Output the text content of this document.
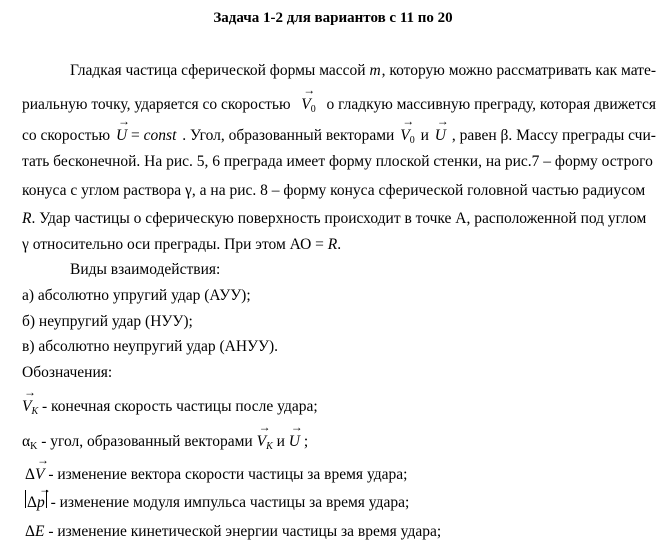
Задача 1-2 для вариантов с 11 по 20
Гладкая частица сферической формы массой m , которую можно рассматривать как мате-
риальную точку, ударяется со скоростью
→
$V_0$ о гладкую массивную преграду, которая движется
со скоростью
→
U = const . Угол, образованный векторами
→
$V_0$ и
→
U , равен β. Массу преграды счи-
тать бесконечной. На рис. 5, 6 преграда имеет форму плоской стенки, на рис.7 – форму острого
конуса с углом раствора γ, а на рис. 8 – форму конуса сферической головной частью радиусом
R. Удар частицы о сферическую поверхность происходит в точке А, расположенной под углом
γ относительно оси преграды. При этом АО = R.
Виды взаимодействия:
а) абсолютно упругий удар (АУУ);
б) неупругий удар (НУУ);
в) абсолютно неупругий удар (АНУУ).
Обозначения:
→
VK - конечная скорость частицы после удара;
$\alpha_K$ - угол, образованный векторами
→
VK и
→
U ;
Δ
→
V - изменение вектора скорости частицы за время удара;
Δ
→
p - изменение модуля импульса частицы за время удара;
ΔE - изменение кинетической энергии частицы за время удара;
